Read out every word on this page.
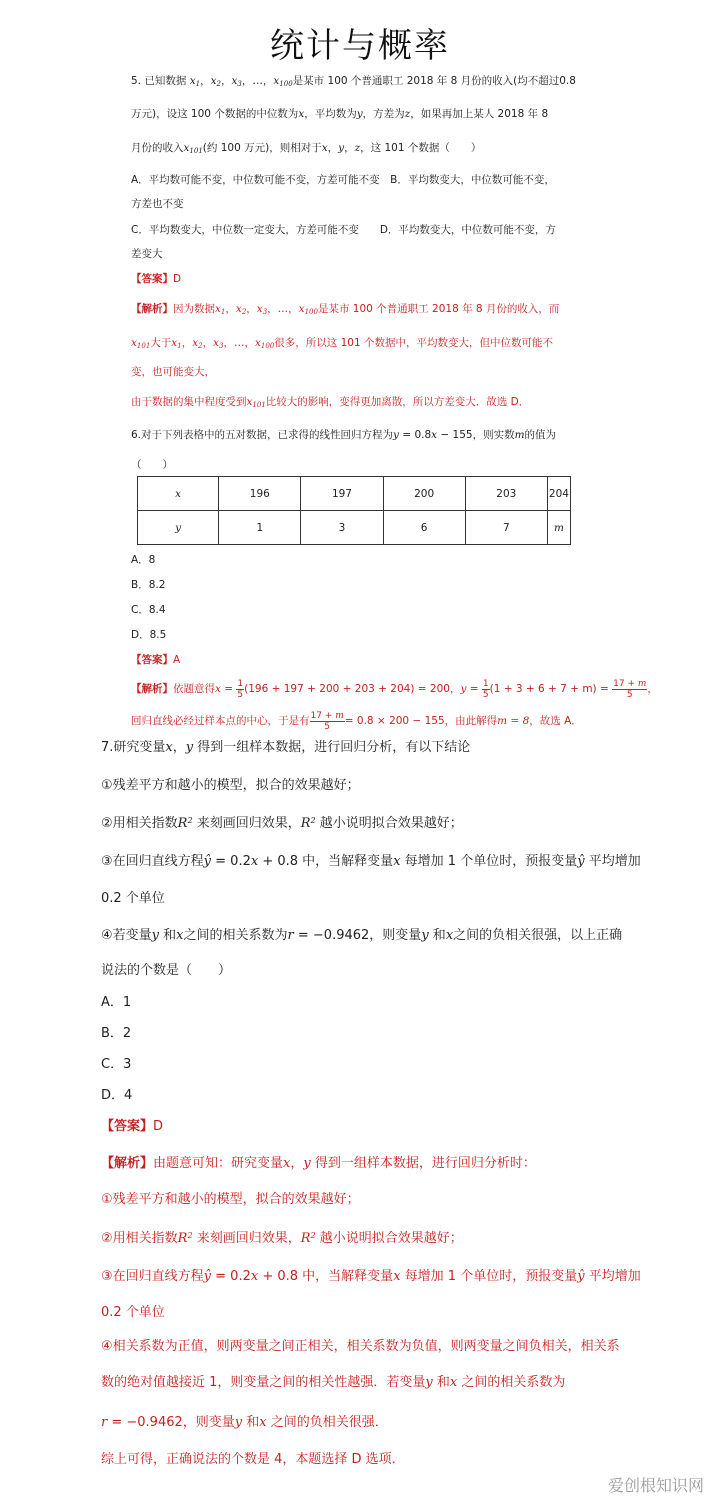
统计与概率
5. 已知数据 $x_1$，$x_2$，$x_3$，…，$x_{100}$是某市 100 个普通职工 2018 年 8 月份的收入(均不超过0.8
万元)，设这 100 个数据的中位数为x，平均数为y，方差为z，如果再加上某人 2018 年 8
月份的收入$x_{101}$(约 100 万元)，则相对于x，y，z，这 101 个数据（　　）
A．平均数可能不变，中位数可能不变，方差可能不变　B．平均数变大，中位数可能不变，
方差也不变
C．平均数变大，中位数一定变大，方差可能不变　　D．平均数变大，中位数可能不变，方
差变大
【答案】D
【解析】因为数据$x_1$，$x_2$，$x_3$，…，$x_{100}$是某市 100 个普通职工 2018 年 8 月份的收入，而
$x_{101}$大于$x_1$，$x_2$，$x_3$，…，$x_{100}$很多，所以这 101 个数据中，平均数变大，但中位数可能不
变，也可能变大，
由于数据的集中程度受到$x_{101}$比较大的影响，变得更加离散，所以方差变大．故选 D．
6.对于下列表格中的五对数据，已求得的线性回归方程为y = 0.8x − 155，则实数m的值为
（　　）
x	196	197	200	203	204
y	1	3	6	7	m
A．8
B．8.2
C．8.4
D．8.5
【答案】A
【解析】依题意得$x = \frac{1}{5} (196 + 197 + 200 + 203 + 204) = 200$，$y = \frac{1}{5} (1 + 3 + 6 + 7 + m) = \frac{17 + m}{5}$ ，
回归直线必经过样本点的中心，于是有 $\frac{17 + m}{5} = 0.8 \times 200 - 155$，由此解得m = 8，故选 A．
7.研究变量x，y 得到一组样本数据，进行回归分析，有以下结论
①残差平方和越小的模型，拟合的效果越好；
②用相关指数$R^2$ 来刻画回归效果，$R^2$ 越小说明拟合效果越好；
③在回归直线方程ŷ = 0.2x + 0.8 中，当解释变量x 每增加 1 个单位时，预报变量ŷ 平均增加
0.2 个单位
④若变量y 和x之间的相关系数为r = −0.9462，则变量y 和x之间的负相关很强，以上正确
说法的个数是（　　）
A．1
B．2
C．3
D．4
【答案】D
【解析】由题意可知：研究变量x，y 得到一组样本数据，进行回归分析时：
①残差平方和越小的模型，拟合的效果越好；
②用相关指数$R^2$ 来刻画回归效果，$R^2$ 越小说明拟合效果越好；
③在回归直线方程ŷ = 0.2x + 0.8 中，当解释变量x 每增加 1 个单位时，预报变量ŷ 平均增加
0.2 个单位
④相关系数为正值，则两变量之间正相关，相关系数为负值，则两变量之间负相关，相关系
数的绝对值越接近 1，则变量之间的相关性越强．若变量y 和x 之间的相关系数为
r = −0.9462，则变量y 和x 之间的负相关很强．
综上可得，正确说法的个数是 4，本题选择 D 选项．
爱创根知识网
